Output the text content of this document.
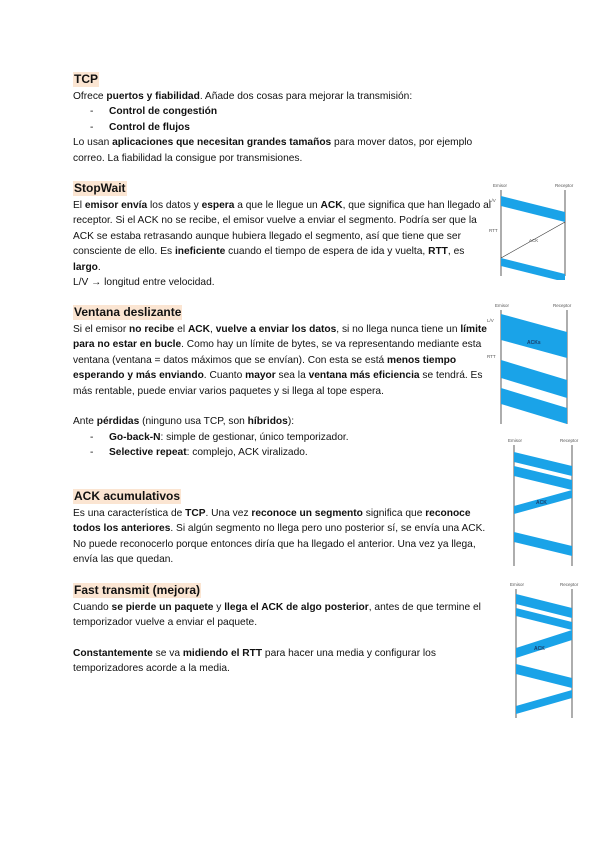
TCP

Ofrece puertos y fiabilidad. Añade dos cosas para mejorar la transmisión:

- Control de congestión
- Control de flujos

Lo usan aplicaciones que necesitan grandes tamaños para mover datos, por ejemplo correo. La fiabilidad la consigue por transmisiones.

StopWait

El emisor envía los datos y espera a que le llegue un ACK, que significa que han llegado al receptor. Si el ACK no se recibe, el emisor vuelve a enviar el segmento. Podría ser que la ACK se estaba retrasando aunque hubiera llegado el segmento, así que tiene que ser consciente de ello. Es ineficiente cuando el tiempo de espera de ida y vuelta, RTT, es largo.

L/V → longitud entre velocidad.

Ventana deslizante

Si el emisor no recibe el ACK, vuelve a enviar los datos, si no llega nunca tiene un límite para no estar en bucle. Como hay un límite de bytes, se va representando mediante esta ventana (ventana = datos máximos que se envían). Con esta se está menos tiempo esperando y más enviando. Cuanto mayor sea la ventana más eficiencia se tendrá. Es más rentable, puede enviar varios paquetes y si llega al tope espera.

Ante pérdidas (ninguno usa TCP, son híbridos):

- Go-back-N: simple de gestionar, único temporizador.
- Selective repeat: complejo, ACK viralizado.
ACK acumulativos

Es una característica de TCP. Una vez reconoce un segmento significa que reconoce todos los anteriores. Si algún segmento no llega pero uno posterior sí, se envía una ACK. No puede reconocerlo porque entonces diría que ha llegado el anterior. Una vez ya llega, envía las que quedan.

Fast transmit (mejora)

Cuando se pierde un paquete y llega el ACK de algo posterior, antes de que termine el temporizador vuelve a enviar el paquete.

Constantemente se va midiendo el RTT para hacer una media y configurar los temporizadores acorde a la media.

Emisor	Receptor
L/V
RTT
ACK
Emisor	Receptor
L/V
ACKs
RTT
Emisor	Receptor
ACK
Emisor	Receptor
ACK
